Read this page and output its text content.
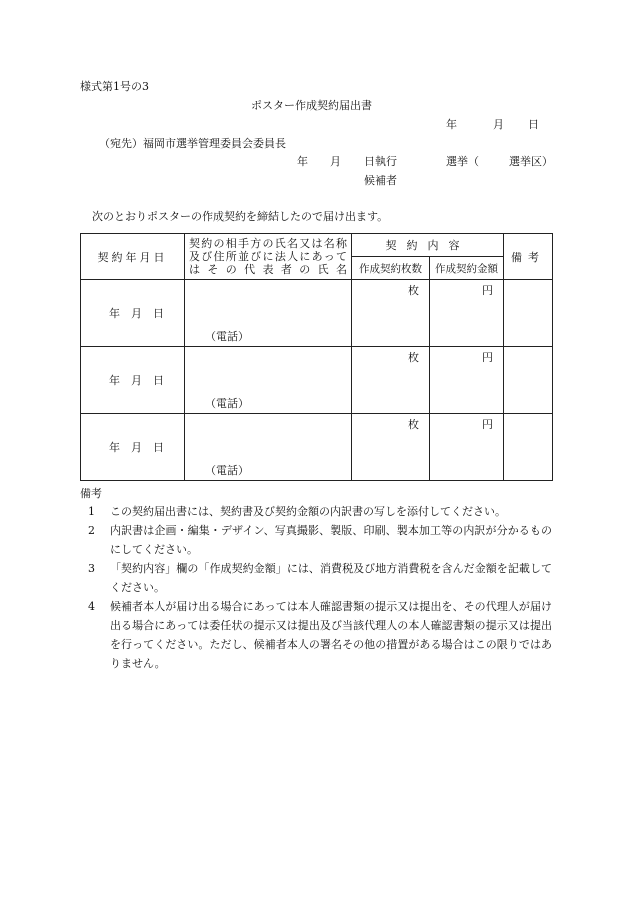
様式第1号の3
ポスター作成契約届出書
年	月 日
（宛先）福岡市選挙管理委員会委員長
年 月 日執行	選挙（	選挙区）
候補者
次のとおりポスターの作成契約を締結したので届け出ます。
契約年月日	契約の相手方の氏名又は名称
及び住所並びに法人にあって
はその代表者の氏名	契約内容		備考
		作成契約枚数	作成契約金額	
年　月　日	（電話）	枚	円	

年　月　日	（電話）	枚	円	

年　月　日	（電話）	枚	円	

備考
1	この契約届出書には、契約書及び契約金額の内訳書の写しを添付してください。
2	内訳書は企画・編集・デザイン、写真撮影、製版、印刷、製本加工等の内訳が分かるものにしてください。
3	「契約内容」欄の「作成契約金額」には、消費税及び地方消費税を含んだ金額を記載してください。
4	候補者本人が届け出る場合にあっては本人確認書類の提示又は提出を、その代理人が届け出る場合にあっては委任状の提示又は提出及び当該代理人の本人確認書類の提示又は提出を行ってください。ただし、候補者本人の署名その他の措置がある場合はこの限りではありません。
